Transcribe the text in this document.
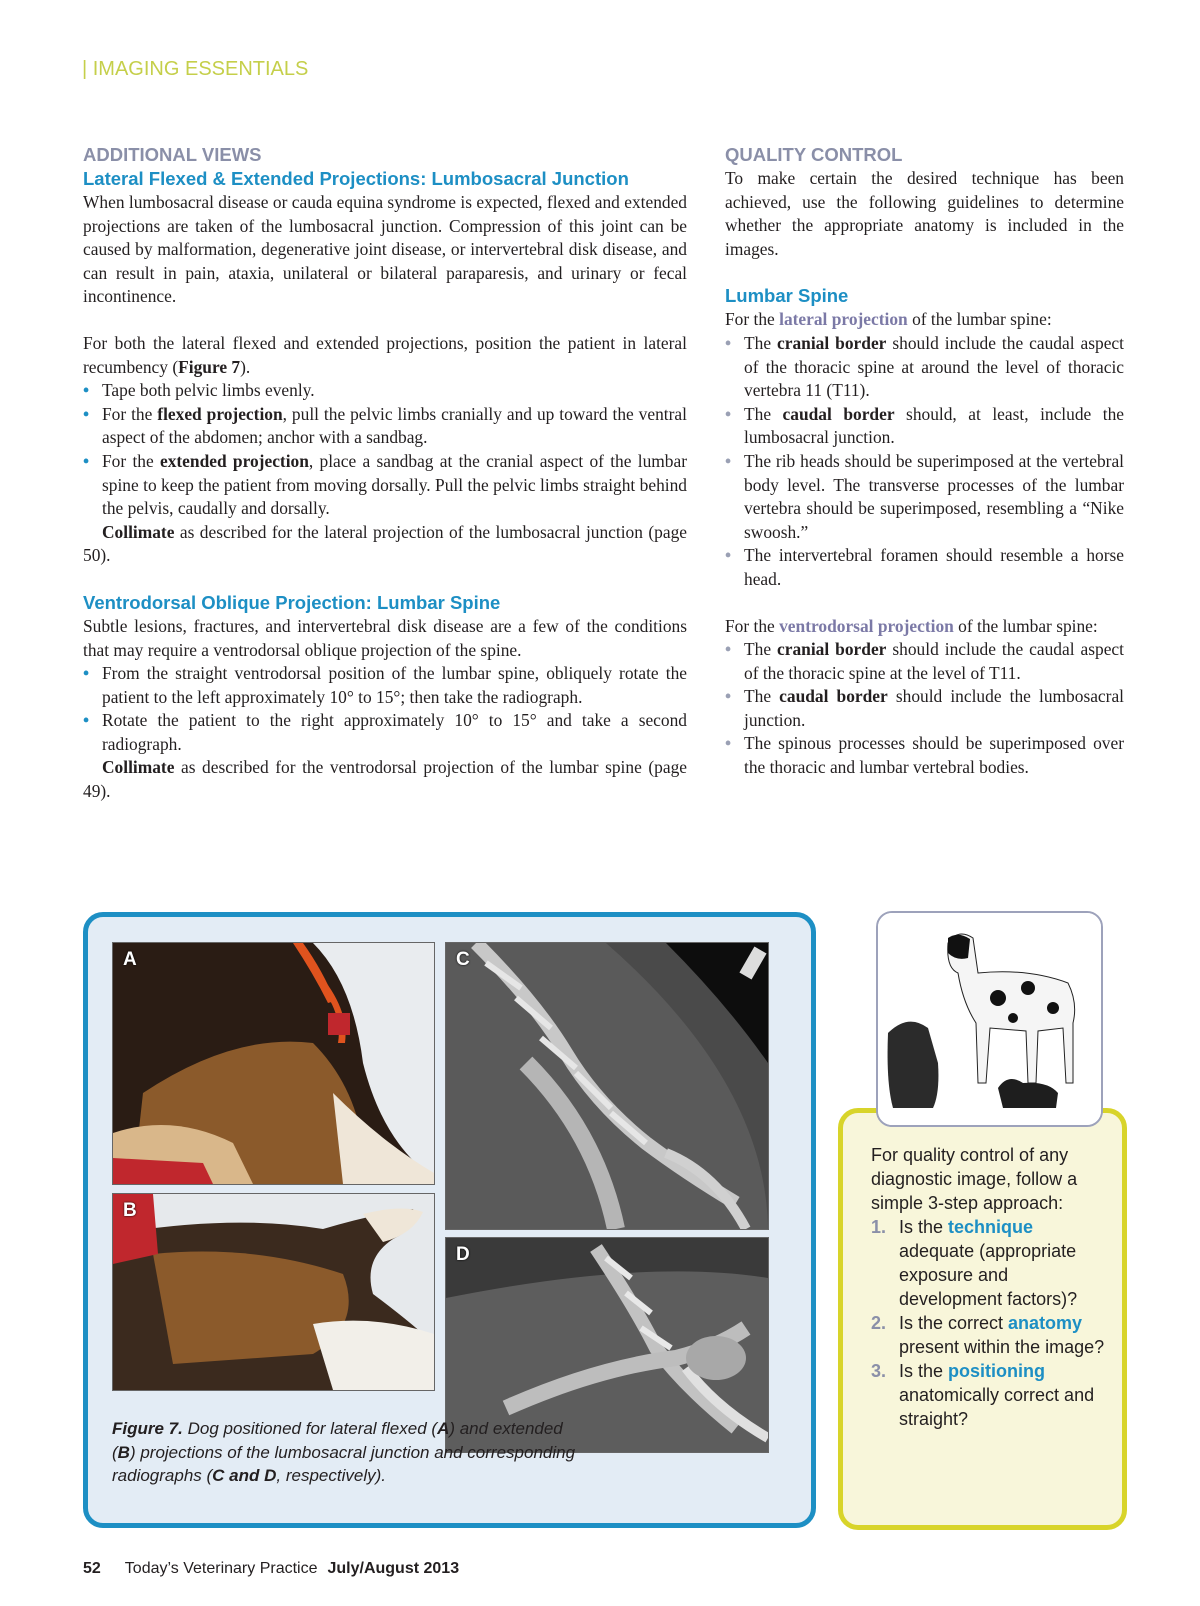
| IMAGING ESSENTIALS
ADDITIONAL VIEWS
Lateral Flexed & Extended Projections: Lumbosacral Junction

When lumbosacral disease or cauda equina syndrome is expected, flexed and extended projections are taken of the lumbosacral junction. Compression of this joint can be caused by malformation, degenerative joint disease, or intervertebral disk disease, and can result in pain, ataxia, unilateral or bilateral paraparesis, and urinary or fecal incontinence.

For both the lateral flexed and extended projections, position the patient in lateral recumbency (Figure 7).

• Tape both pelvic limbs evenly.
• For the flexed projection, pull the pelvic limbs cranially and up toward the ventral aspect of the abdomen; anchor with a sandbag.
• For the extended projection, place a sandbag at the cranial aspect of the lumbar spine to keep the patient from moving dorsally. Pull the pelvic limbs straight behind the pelvis, caudally and dorsally.

Collimate as described for the lateral projection of the lumbosacral junction (page 50).

Ventrodorsal Oblique Projection: Lumbar Spine

Subtle lesions, fractures, and intervertebral disk disease are a few of the conditions that may require a ventrodorsal oblique projection of the spine.

• From the straight ventrodorsal position of the lumbar spine, obliquely rotate the patient to the left approximately 10° to 15°; then take the radiograph.
• Rotate the patient to the right approximately 10° to 15° and take a second radiograph.

Collimate as described for the ventrodorsal projection of the lumbar spine (page 49).

QUALITY CONTROL

To make certain the desired technique has been achieved, use the following guidelines to determine whether the appropriate anatomy is included in the images.

Lumbar Spine

For the lateral projection of the lumbar spine:

• The cranial border should include the caudal aspect of the thoracic spine at around the level of thoracic vertebra 11 (T11).
• The caudal border should, at least, include the lumbosacral junction.
• The rib heads should be superimposed at the vertebral body level. The transverse processes of the lumbar vertebra should be superimposed, resembling a “Nike swoosh.”
• The intervertebral foramen should resemble a horse head.

For the ventrodorsal projection of the lumbar spine:

• The cranial border should include the caudal aspect of the thoracic spine at the level of T11.
• The caudal border should include the lumbosacral junction.
• The spinous processes should be superimposed over the thoracic and lumbar vertebral bodies.
A
B
C
D
Figure 7. Dog positioned for lateral flexed (A) and extended (B) projections of the lumbosacral junction and corresponding radiographs (C and D, respectively).
For quality control of any diagnostic image, follow a simple 3-step approach:
1. Is the technique adequate (appropriate exposure and development factors)?
2. Is the correct anatomy present within the image?
3. Is the positioning anatomically correct and straight?
52 Today’s Veterinary Practice July/August 2013
